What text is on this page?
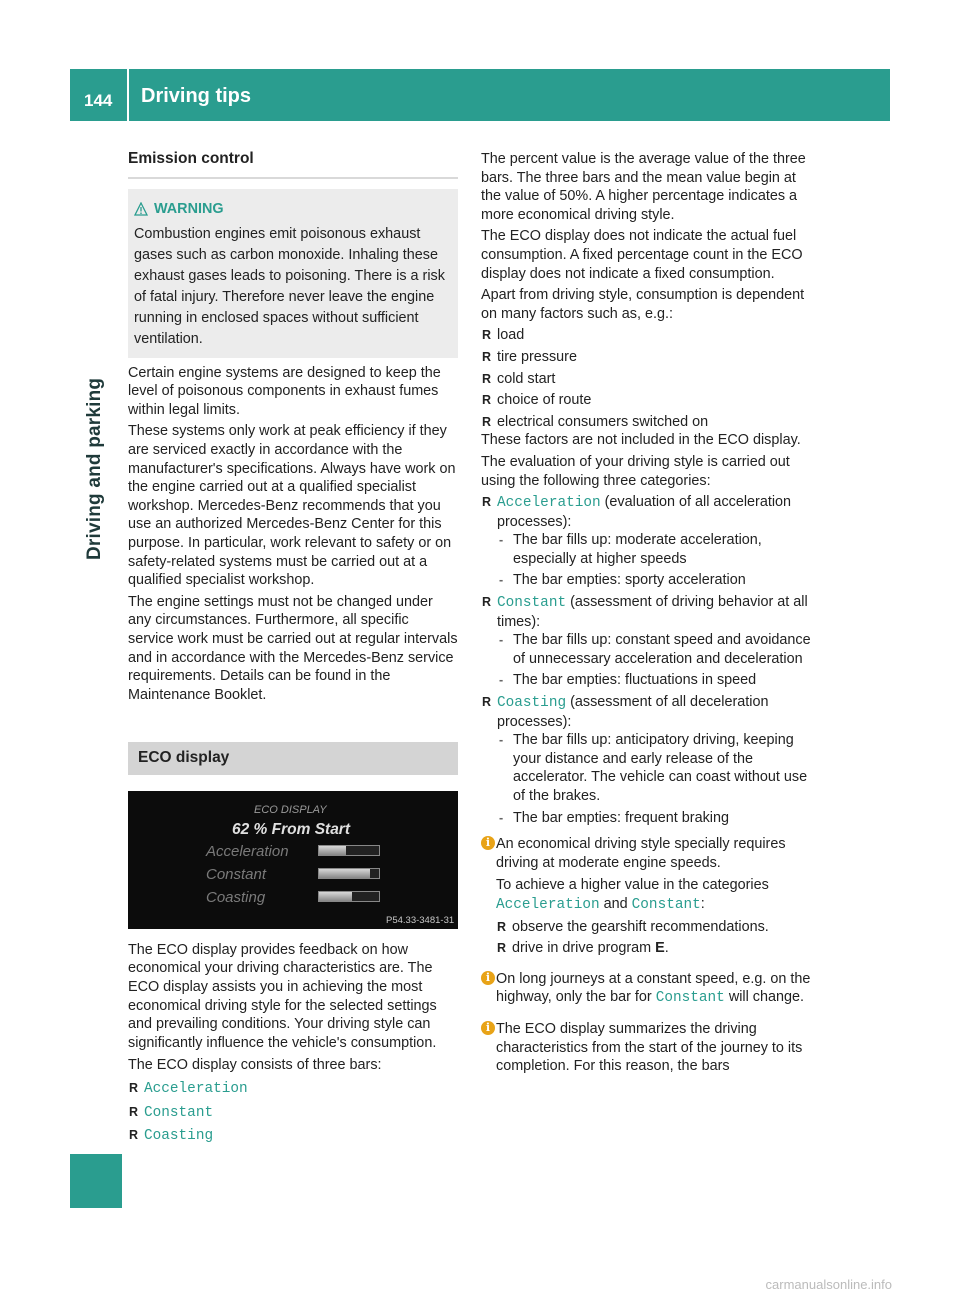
144 Driving tips
Driving and parking
Emission control
WARNING
Combustion engines emit poisonous exhaust gases such as carbon monoxide. Inhaling these exhaust gases leads to poisoning. There is a risk of fatal injury. Therefore never leave the engine running in enclosed spaces without sufficient ventilation.

Certain engine systems are designed to keep the level of poisonous components in exhaust fumes within legal limits.

These systems only work at peak efficiency if they are serviced exactly in accordance with the manufacturer's specifications. Always have work on the engine carried out at a qualified specialist workshop. Mercedes-Benz recommends that you use an authorized Mercedes-Benz Center for this purpose. In particular, work relevant to safety or on safety-related systems must be carried out at a qualified specialist workshop.

The engine settings must not be changed under any circumstances. Furthermore, all specific service work must be carried out at regular intervals and in accordance with the Mercedes-Benz service requirements. Details can be found in the Maintenance Booklet.

ECO display
ECO DISPLAY
62 % From Start
Acceleration
Constant
Coasting
P54.33-3481-31

The ECO display provides feedback on how economical your driving characteristics are. The ECO display assists you in achieving the most economical driving style for the selected settings and prevailing conditions. Your driving style can significantly influence the vehicle's consumption.

The ECO display consists of three bars:

R Acceleration
R Constant
R Coasting

The percent value is the average value of the three bars. The three bars and the mean value begin at the value of 50%. A higher percentage indicates a more economical driving style.

The ECO display does not indicate the actual fuel consumption. A fixed percentage count in the ECO display does not indicate a fixed consumption.

Apart from driving style, consumption is dependent on many factors such as, e.g.:

R load
R tire pressure
R cold start
R choice of route
R electrical consumers switched on

These factors are not included in the ECO display.

The evaluation of your driving style is carried out using the following three categories:

R Acceleration (evaluation of all acceleration processes):
- The bar fills up: moderate acceleration, especially at higher speeds
- The bar empties: sporty acceleration
R Constant (assessment of driving behavior at all times):
- The bar fills up: constant speed and avoidance of unnecessary acceleration and deceleration
- The bar empties: fluctuations in speed
R Coasting (assessment of all deceleration processes):
- The bar fills up: anticipatory driving, keeping your distance and early release of the accelerator. The vehicle can coast without use of the brakes.
- The bar empties: frequent braking
i An economical driving style specially requires driving at moderate engine speeds.
To achieve a higher value in the categories Acceleration and Constant:
R observe the gearshift recommendations.
R drive in drive program E.
i On long journeys at a constant speed, e.g. on the highway, only the bar for Constant will change.
i The ECO display summarizes the driving characteristics from the start of the journey to its completion. For this reason, the bars
carmanualsonline.info
